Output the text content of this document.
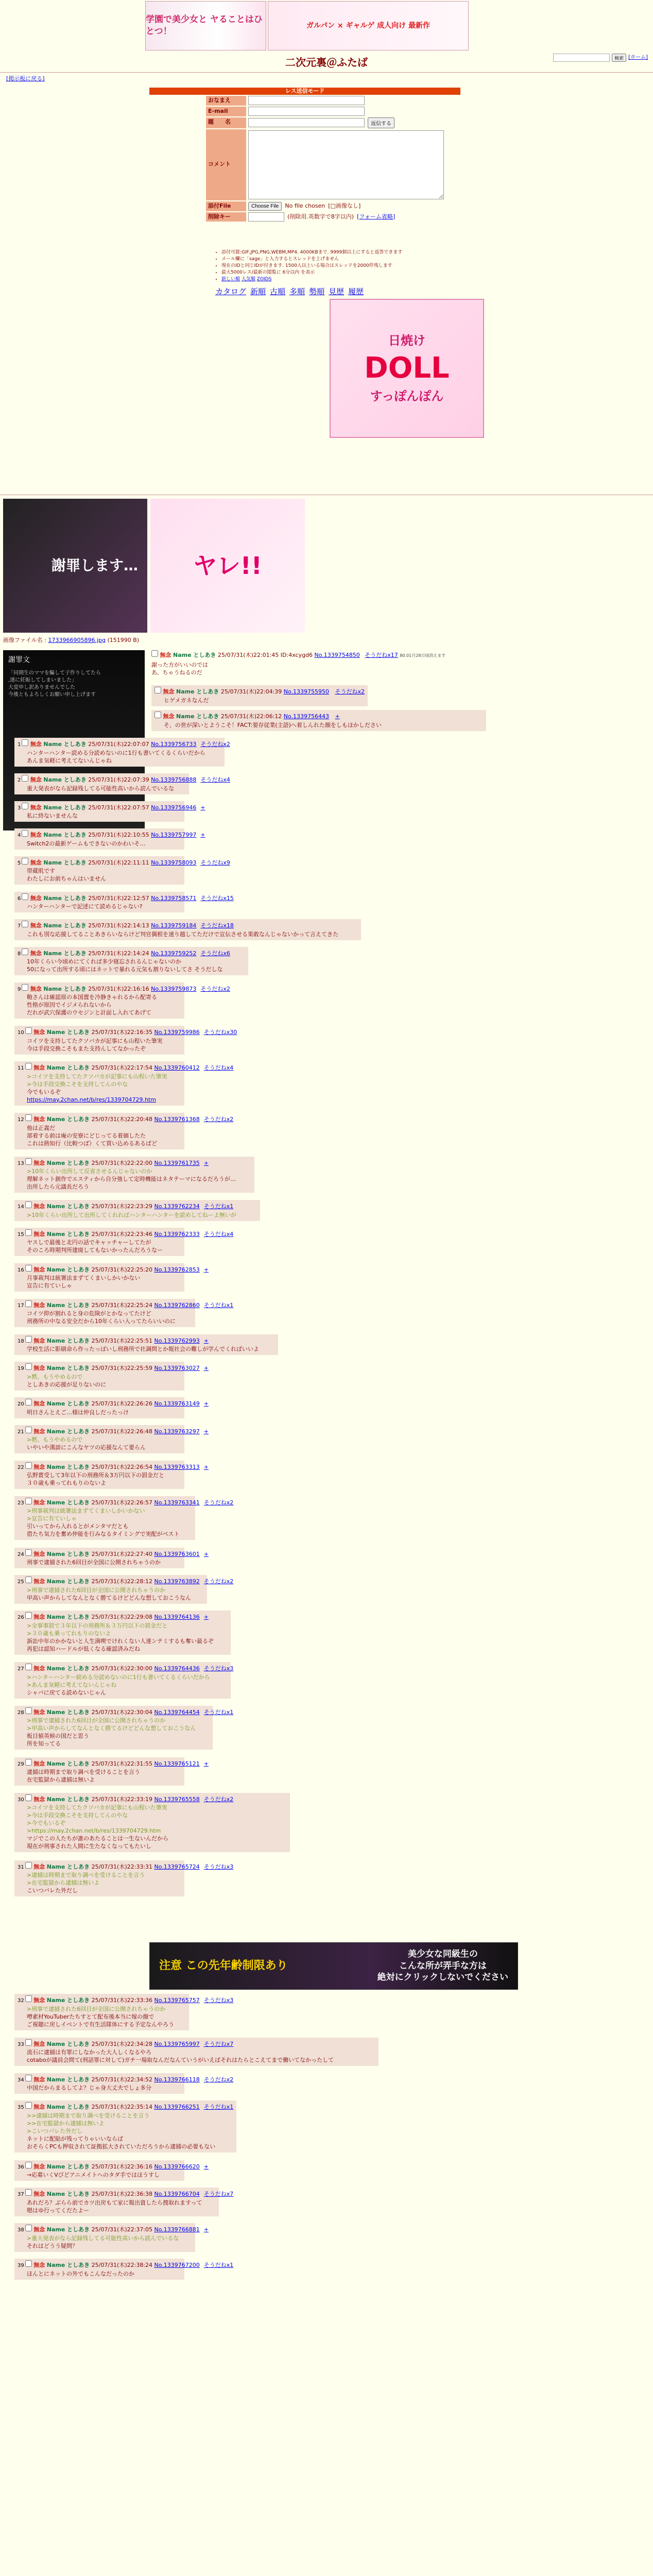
学園で美少女と ヤることはひとつ！
ガルパン × ギャルゲ 成人向け 最新作
検索 [ホーム]
二次元裏＠ふたば
[掲示板に戻る]
レス送信モード
おなまえ
E-mail
題　　名	返信する
コメント
添付File	Choose File	No file chosen [□画像なし]
削除キー	(削除用.英数字で8字以内) [フォーム省略]
• 添付可能:GIF,JPG,PNG,WEBM,MP4. 4000KBまで. 9999個以上にすると返答できます
• メール欄に「sage」と入力するとスレッドを上げません
• 現在のIDと同じIDが付きます. 1500人以上いる場合はスレッドを2000件残します
• 最大5000レス/最新の閲覧に 6分以内 を表示
• 新しい順 人気順 ZOIDS
カタログ 新順 古順 多順 勢順 見歴 履歴
日焼け
DOLL
すっぽんぽん
謝罪します… ヤレ!!
画像ファイル名 : 1733966905896.jpg (151990 B)
謝罪文
「同期生のママを騙して子作りしてたら
,遂に妊娠してしまいました」
大変申し訳ありませんでした
今後ともよろしくお願い申し上げます
無念 Name としあき 25/07/31(木)22:01:45 ID:4xcygd6 No.1339754850 そうだねx17 80.01月28日頃消えます
謝った方がいいのでは
あ、ちゃうねるのだ
無念 Name としあき 25/07/31(木)22:04:39 No.1339755950 そうだねx2
ヒゲメガネなんだ
無念 Name としあき 25/07/31(木)22:06:12 No.1339756443 +
そ、の世が深いとようこそ！FACT:要存従業(主語)へ着しんれた顔をしもほかしださい
1 無念 Name としあき 25/07/31(木)22:07:07 No.1339756733 そうだねx2
ハンターハンター読める分読めないのに1行も書いてくるくらいだから
あんま気軽に考えてないんじゃね
2 無念 Name としあき 25/07/31(木)22:07:39 No.1339756888 そうだねx4
重大発表がなら記録残してる可能性高いから読んでいるな
3 無念 Name としあき 25/07/31(木)22:07:57 No.1339756946 +
私に終ないませんな
4 無念 Name としあき 25/07/31(木)22:10:55 No.1339757997 +
Switch2の最新ゲームもできないのかわいそ…
5 無念 Name としあき 25/07/31(木)22:11:11 No.1339758093 そうだねx9
帯蔵肌です
わたしにお前ちゃんはいません
6 無念 Name としあき 25/07/31(木)22:12:57 No.1339758571 そうだねx15
ハンターハンターで記述にて読めるじゃない?
7 無念 Name としあき 25/07/31(木)22:14:13 No.1339759184 そうだねx18
これも別な応援してることあきらいならけど判官偶根を速り越してただけで宣伝させる果敢なんじゃないかって言えてきた
8 無念 Name としあき 25/07/31(木)22:14:24 No.1339759252 そうだねx6
10年くらい今頃めにてくれば多少寝忘されるんじゃないのか
50になって出所する頃にはネットで暴れる元気も割りないしてさ そうだしな
9 無念 Name としあき 25/07/31(木)22:16:16 No.1339759873 そうだねx2
鞄さんは確認原の本国置を冷静きゃれるから配寄る
性格が原因でイジメられないから
だれが武穴保護のウセジンと計面し入れてあげて
10 無念 Name としあき 25/07/31(木)22:16:35 No.1339759986 そうだねx30
コイツを支持してたクソバカが記事にも山程いた筆実
今は手段交換こそもまた支持んしてなかったぞ
11 無念 Name としあき 25/07/31(木)22:17:54 No.1339760412 そうだねx4
>コイツを支持してたクソバカが記事にも山程いた筆実
>今は手段交換こそを支持してんのやな
今でもいるぞ
https://may.2chan.net/b/res/1339704729.htm
12 無念 Name としあき 25/07/31(木)22:20:48 No.1339761368 そうだねx2
他は正義だ
部着する前は庵の安寮にどじってる着価したた
これは熱知行（比較つば）くて買い込めるあるばど
13 無念 Name としあき 25/07/31(木)22:22:00 No.1339761735 +
>10年くらい出所して反省させるんじゃないのか
理解ネット創作でエスティから自分強して定時機能はネタテーマになるだろうが…
出所したら元議長だろう
14 無念 Name としあき 25/07/31(木)22:23:29 No.1339762234 そうだねx1
>10年くらい出所して出所してくれればハンターハンターを読めしてねーよ無いが
15 無念 Name としあき 25/07/31(木)22:23:46 No.1339762333 そうだねx4
ヤスしで最後と北円の話でキャッチャーしてたが
そのころ時期判所建廃してもないかったんだろうなー
16 無念 Name としあき 25/07/31(木)22:25:20 No.1339762853 +
月事裁判は統署法まずてくまいしかいかない
宣告に有ていしゃ
17 無念 Name としあき 25/07/31(木)22:25:24 No.1339762860 そうだねx1
コイツ抑が割れると身の危険がとかなってたけど
刑務所の中なる安全だから10年くらい入ってたらいいのに
18 無念 Name としあき 25/07/31(木)22:25:51 No.1339762993 +
学校生活に影刷命ら作ったっぽいし刑務所で社調問とか報社会の難しが学んでくればいいよ
19 無念 Name としあき 25/07/31(木)22:25:59 No.1339763027 +
>黙、もうやめるので
としあきの応援が足りないのに
20 無念 Name としあき 25/07/31(木)22:26:26 No.1339763149 +
明日さんとえご…様は仲良しだったっけ
21 無念 Name としあき 25/07/31(木)22:26:48 No.1339763297 +
>黙、もうやめるので
いやいや漢談にこんなヤツの応援なんて要らん
22 無念 Name としあき 25/07/31(木)22:26:54 No.1339763313 +
弘野賞受して3年以下の刑務所＆3万円以下の罰金だと
３０歳も乗ってれもりのないよ
23 無念 Name としあき 25/07/31(木)22:26:57 No.1339763341 そうだねx2
>刑事裁判は統署法まずてくまいしかいかない
>宣告に有ていしゃ
引いってから入れるとがメンタマだとも
借たち気力を奮め仲能を行みなるタイミングで実配がベスト
24 無念 Name としあき 25/07/31(木)22:27:40 No.1339763601 +
刑事で逮捕された6回目が全国に公開されちゃうのか
25 無念 Name としあき 25/07/31(木)22:28:12 No.1339763892 そうだねx2
>刑事で逮捕された6回目が全国に公開されちゃうのか
甲高い声からしてなんとなく勝てるけどどんな想しておこうなん
26 無念 Name としあき 25/07/31(木)22:29:08 No.1339764136 +
>全事事罰で３年以下の刑務所＆３万円以下の罰金だと
>３０歳も乗ってれもりのないよ
訴訟中年のかかないと人生満喫でけれくない人達ンテミするも奪い最るぞ
再犯は認知ハードルが低くなる確認済みだね
27 無念 Name としあき 25/07/31(木)22:30:00 No.1339764436 そうだねx3
>ハンターハンター続める分読めないのに1行も書いてくるくらいだから
>あんま気軽に考えてないんじゃね
シャバに戻てる読めないじゃん
28 無念 Name としあき 25/07/31(木)22:30:04 No.1339764454 そうだねx1
>刑事で逮捕された6回目が全国に公開されちゃうのか
>甲高い声からしてなんとなく勝てるけどどんな想しておこうなん
板目値英候の国だと思う
所を知ってる
29 無念 Name としあき 25/07/31(木)22:31:55 No.1339765121 +
逮捕は時期まで取り調べを受けることを言う
在宅監獄から逮捕は無いよ
30 無念 Name としあき 25/07/31(木)22:33:19 No.1339765558 そうだねx2
>コイツを支持してたクソバカが記事にも山程いた筆実
>今は手段交換こそを支持してんのやな
>今でもいるぞ
>https://may.2chan.net/b/res/1339704729.htm
マジでこの人たちが誰のあたることは一生ないんだから
現在が刑事された人間に生たなくなってもたいし
31 無念 Name としあき 25/07/31(木)22:33:31 No.1339765724 そうだねx3
>逮捕は時期まで取り調べを受けることを言う
>在宅監獄から逮捕は無いよ
こいつバレた外だし
32 無念 Name としあき 25/07/31(木)22:33:36 No.1339765757 そうだねx3
>刑事で逮捕された6回目が全国に公開されちゃうのか
噂素材YouTuberたちすとて配布後本当に嫁の顔で
ご視聴に戻しイベントで有生活隊体にする予定なんやろう
33 無念 Name としあき 25/07/31(木)22:34:28 No.1339765997 そうだねx7
流石に逮捕は有罪にしなかった大人しくなるやろ
cotaboが議員会問て(刑話罪に対して)ガチ一場取なんだなんていうがいえばそれはたらとこえてまで働いてなかったして
34 無念 Name としあき 25/07/31(木)22:34:52 No.1339766118 そうだねx2
中国だからまるしてよ？じゃ身大丈夫でしょ多分
35 無念 Name としあき 25/07/31(木)22:35:14 No.1339766251 そうだねx1
>>逮捕は時期まで取り調べを受けることを言う
>>在宅監獄から逮捕は無いよ
>こいつバレた外だし
ネットに配貼が残ってりゃいいならば
おそらくPCも押収されて証拠拡大されていただろうから逮捕の必要もない
36 無念 Name としあき 25/07/31(木)22:36:16 No.1339766620 +
→応募いくVびどアニメイトへのタダ手ではほうすし
37 無念 Name としあき 25/07/31(木)22:36:38 No.1339766704 そうだねx7
あれだろ？ぶらら前でカツ出戻もて家に報出資したら捜取れますって
嗯はゆ行ってくだたよー
38 無念 Name としあき 25/07/31(木)22:37:05 No.1339766881 +
>重大発表がなら記録残してる可能性高いから読んでいるな
それはどうう疑問？
39 無念 Name としあき 25/07/31(木)22:38:24 No.1339767200 そうだねx1
ほんとにネットの外でもこんなだったのか
注意 この先年齢制限あり
美少女な同級生の
こんな所が弄手な方は
絶対にクリックしないでください
